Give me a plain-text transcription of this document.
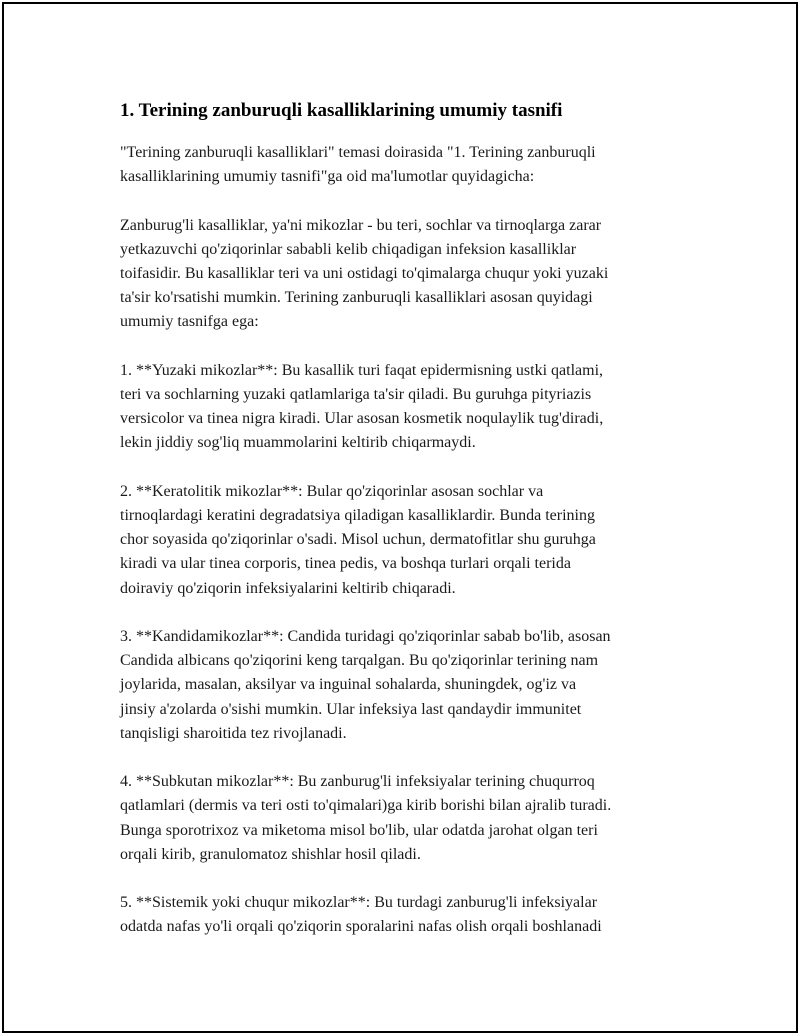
1. Terining zanburuqli kasalliklarining umumiy tasnifi

"Terining zanburuqli kasalliklari" temasi doirasida "1. Terining zanburuqli
kasalliklarining umumiy tasnifi"ga oid ma'lumotlar quyidagicha:

Zanburug'li kasalliklar, ya'ni mikozlar - bu teri, sochlar va tirnoqlarga zarar
yetkazuvchi qo'ziqorinlar sababli kelib chiqadigan infeksion kasalliklar
toifasidir. Bu kasalliklar teri va uni ostidagi to'qimalarga chuqur yoki yuzaki
ta'sir ko'rsatishi mumkin. Terining zanburuqli kasalliklari asosan quyidagi
umumiy tasnifga ega:

1. **Yuzaki mikozlar**: Bu kasallik turi faqat epidermisning ustki qatlami,
teri va sochlarning yuzaki qatlamlariga ta'sir qiladi. Bu guruhga pityriazis
versicolor va tinea nigra kiradi. Ular asosan kosmetik noqulaylik tug'diradi,
lekin jiddiy sog'liq muammolarini keltirib chiqarmaydi.

2. **Keratolitik mikozlar**: Bular qo'ziqorinlar asosan sochlar va
tirnoqlardagi keratini degradatsiya qiladigan kasalliklardir. Bunda terining
chor soyasida qo'ziqorinlar o'sadi. Misol uchun, dermatofitlar shu guruhga
kiradi va ular tinea corporis, tinea pedis, va boshqa turlari orqali terida
doiraviy qo'ziqorin infeksiyalarini keltirib chiqaradi.

3. **Kandidamikozlar**: Candida turidagi qo'ziqorinlar sabab bo'lib, asosan
Candida albicans qo'ziqorini keng tarqalgan. Bu qo'ziqorinlar terining nam
joylarida, masalan, aksilyar va inguinal sohalarda, shuningdek, og'iz va
jinsiy a'zolarda o'sishi mumkin. Ular infeksiya last qandaydir immunitet
tanqisligi sharoitida tez rivojlanadi.

4. **Subkutan mikozlar**: Bu zanburug'li infeksiyalar terining chuqurroq
qatlamlari (dermis va teri osti to'qimalari)ga kirib borishi bilan ajralib turadi.
Bunga sporotrixoz va miketoma misol bo'lib, ular odatda jarohat olgan teri
orqali kirib, granulomatoz shishlar hosil qiladi.

5. **Sistemik yoki chuqur mikozlar**: Bu turdagi zanburug'li infeksiyalar
odatda nafas yo'li orqali qo'ziqorin sporalarini nafas olish orqali boshlanadi
